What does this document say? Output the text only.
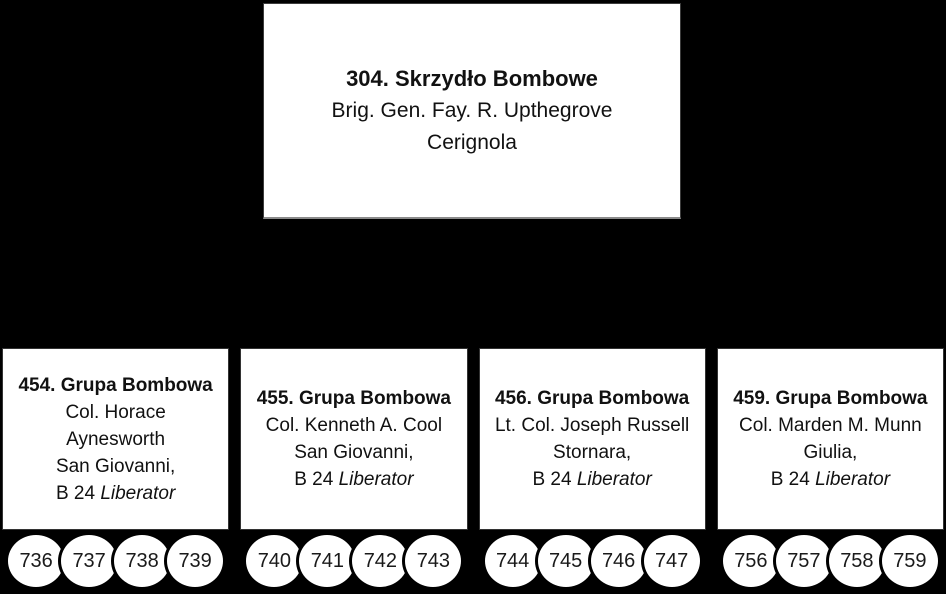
304. Skrzydło Bombowe
Brig. Gen. Fay. R. Upthegrove
Cerignola
454. Grupa Bombowa
Col. Horace
Aynesworth
San Giovanni,
B 24 Liberator
736 737 738 739
455. Grupa Bombowa
Col. Kenneth A. Cool
San Giovanni,
B 24 Liberator
740 741 742 743
456. Grupa Bombowa
Lt. Col. Joseph Russell
Stornara,
B 24 Liberator
744 745 746 747
459. Grupa Bombowa
Col. Marden M. Munn
Giulia,
B 24 Liberator
756 757 758 759
